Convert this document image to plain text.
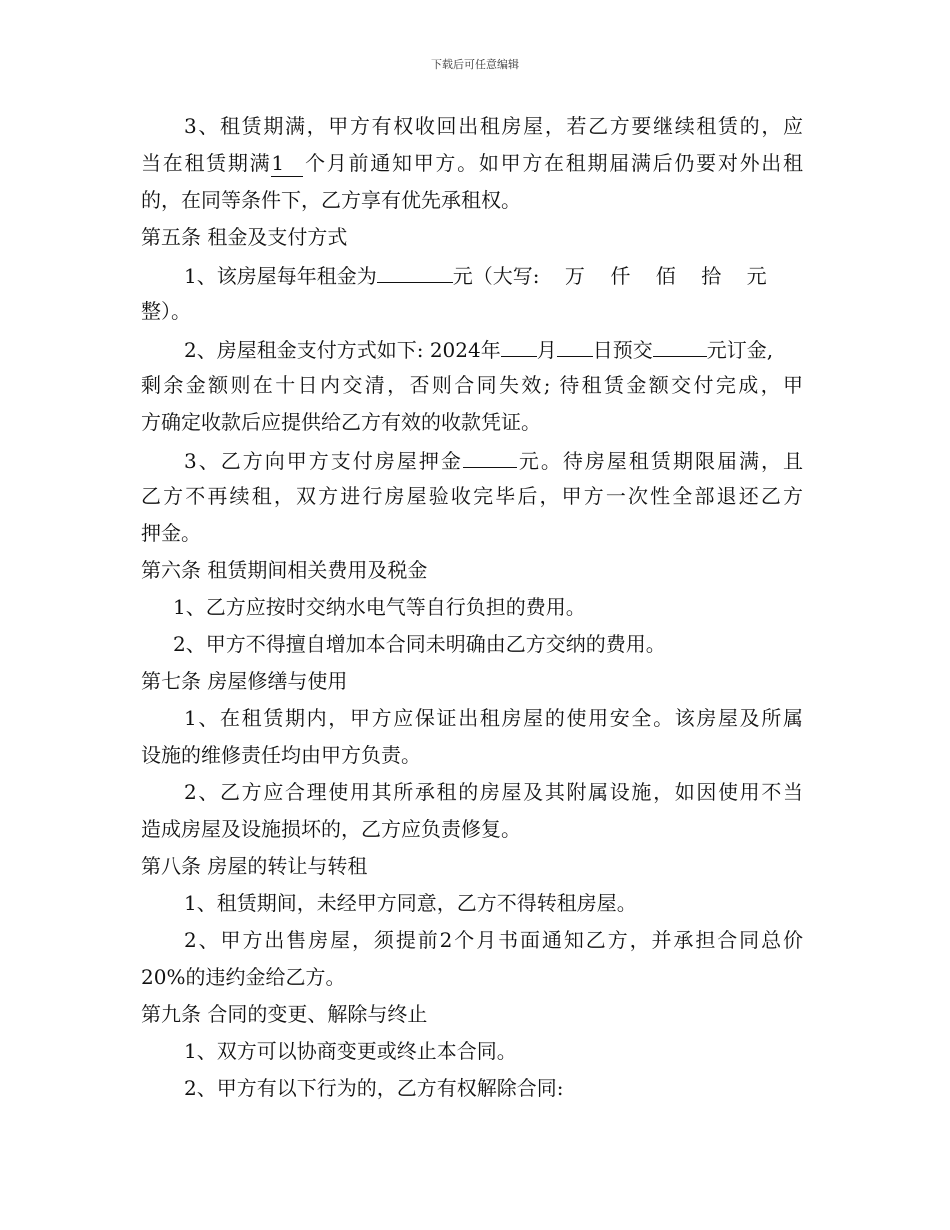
下载后可任意编辑
3、租赁期满，甲方有权收回出租房屋，若乙方要继续租赁的，应
当在租赁期满1 个月前通知甲方。如甲方在租期届满后仍要对外出租
的，在同等条件下，乙方享有优先承租权。
第五条 租金及支付方式
1、该房屋每年租金为	元（大写:    万    仟    佰    拾    元
整）。
2、房屋租金支付方式如下: 2024年 月 日预交	元订金,
剩余金额则在十日内交清，否则合同失效; 待租赁金额交付完成，甲
方确定收款后应提供给乙方有效的收款凭证。
3、乙方向甲方支付房屋押金	元。待房屋租赁期限届满，且
乙方不再续租，双方进行房屋验收完毕后，甲方一次性全部退还乙方
押金。
第六条 租赁期间相关费用及税金
1、乙方应按时交纳水电气等自行负担的费用。
2、甲方不得擅自增加本合同未明确由乙方交纳的费用。
第七条 房屋修缮与使用
1、在租赁期内，甲方应保证出租房屋的使用安全。该房屋及所属
设施的维修责任均由甲方负责。
2、乙方应合理使用其所承租的房屋及其附属设施，如因使用不当
造成房屋及设施损坏的，乙方应负责修复。
第八条 房屋的转让与转租
1、租赁期间，未经甲方同意，乙方不得转租房屋。
2、甲方出售房屋，须提前2个月书面通知乙方，并承担合同总价
20%的违约金给乙方。
第九条 合同的变更、解除与终止
1、双方可以协商变更或终止本合同。
2、甲方有以下行为的，乙方有权解除合同:
